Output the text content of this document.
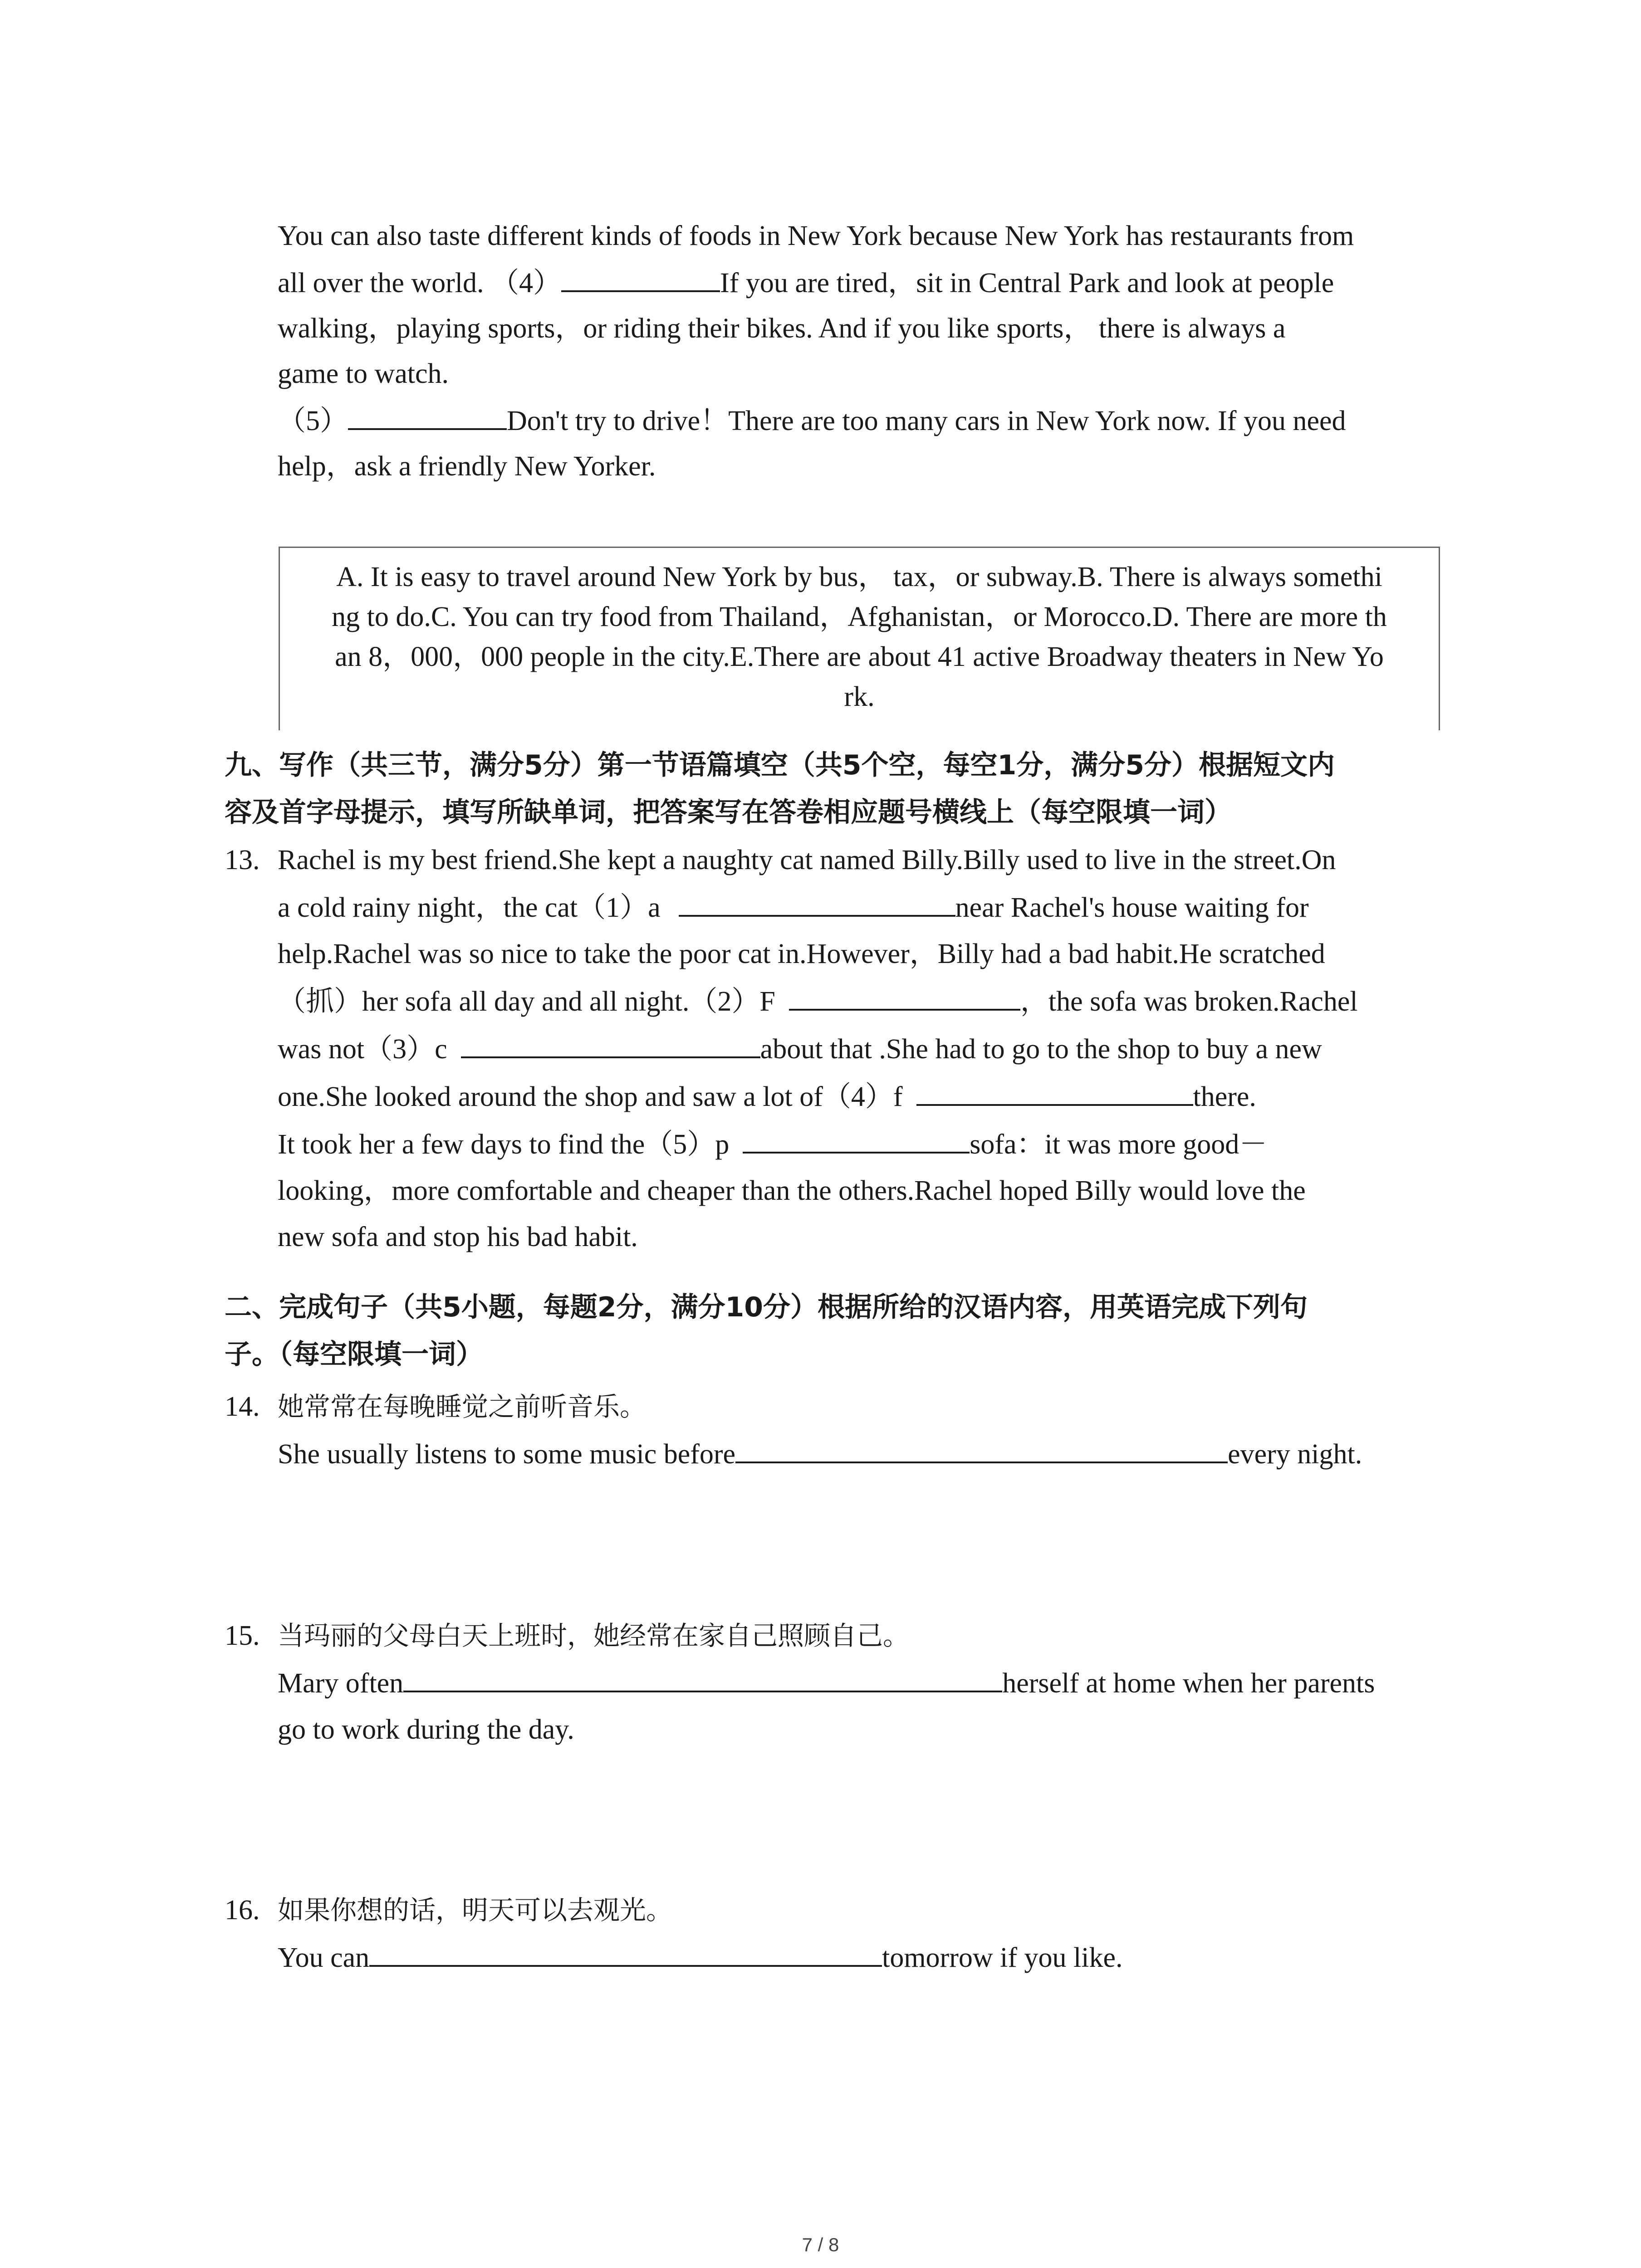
You can also taste different kinds of foods in New York because New York has restaurants from

all over the world. （4）	If you are tired，sit in Central Park and look at people

walking，playing sports，or riding their bikes. And if you like sports， there is always a

game to watch.

（5）	Don't try to drive！There are too many cars in New York now. If you need

help，ask a friendly New Yorker.

A. It is easy to travel around New York by bus， tax，or subway.B. There is always somethi

ng to do.C. You can try food from Thailand，Afghanistan，or Morocco.D. There are more th

an 8，000，000 people in the city.E.There are about 41 active Broadway theaters in New Yo

rk.

九、写作（共三节，满分5分）第一节语篇填空（共5个空，每空1分，满分5分）根据短文内

容及首字母提示，填写所缺单词，把答案写在答卷相应题号横线上（每空限填一词）

13. Rachel is my best friend.She kept a naughty cat named Billy.Billy used to live in the street.On

a cold rainy night，the cat（1）a	near Rachel's house waiting for

help.Rachel was so nice to take the poor cat in.However，Billy had a bad habit.He scratched

（抓）her sofa all day and all night.（2）F	，the sofa was broken.Rachel

was not（3）c	about that .She had to go to the shop to buy a new

one.She looked around the shop and saw a lot of（4）f	there.

It took her a few days to find the（5）p	sofa：it was more good－

looking，more comfortable and cheaper than the others.Rachel hoped Billy would love the

new sofa and stop his bad habit.

二、完成句子（共5小题，每题2分，满分10分）根据所给的汉语内容，用英语完成下列句

子。（每空限填一词）

14. 她常常在每晚睡觉之前听音乐。

She usually listens to some music before	every night.

15. 当玛丽的父母白天上班时，她经常在家自己照顾自己。

Mary often	herself at home when her parents

go to work during the day.

16. 如果你想的话，明天可以去观光。

You can	tomorrow if you like.

7 / 8
